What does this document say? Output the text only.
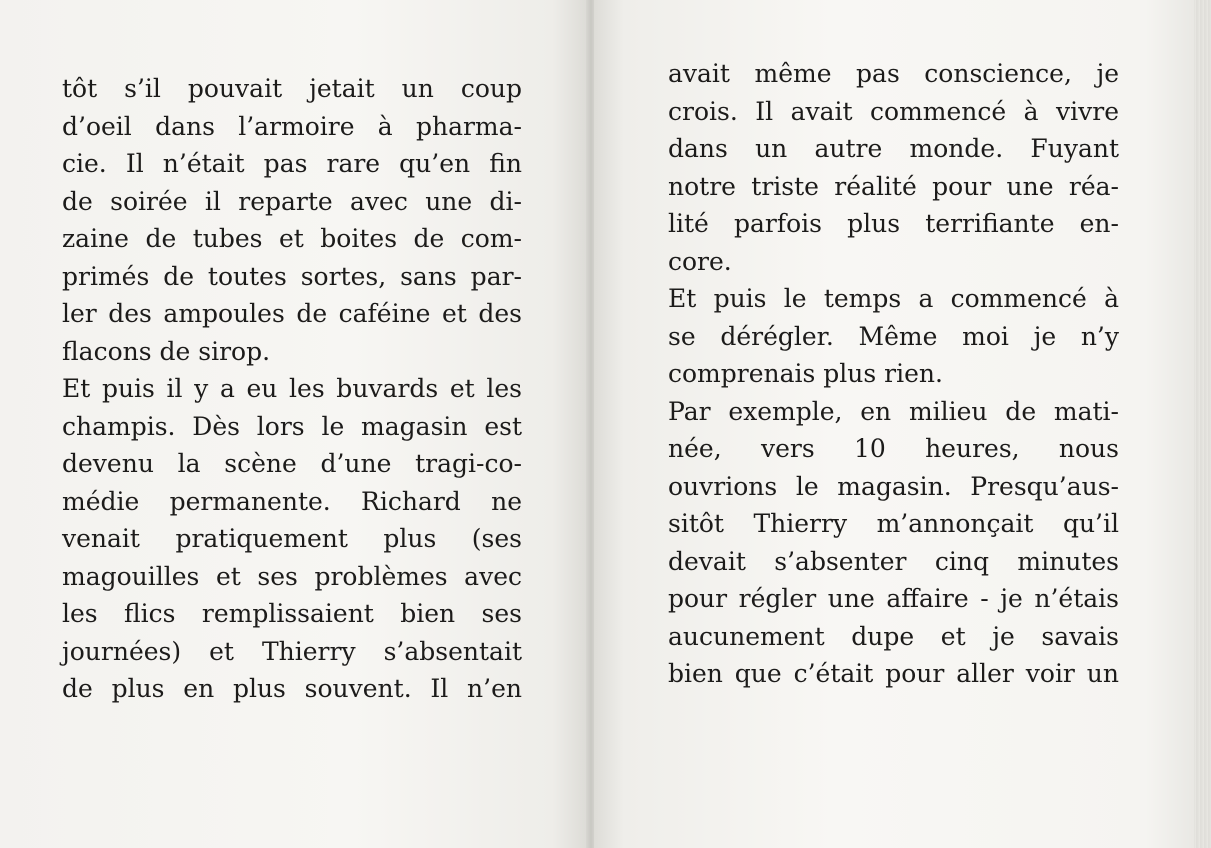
tôt s’il pouvait jetait un coup
d’oeil dans l’armoire à pharma-
cie. Il n’était pas rare qu’en fin
de soirée il reparte avec une di-
zaine de tubes et boites de com-
primés de toutes sortes, sans par-
ler des ampoules de caféine et des
flacons de sirop.
Et puis il y a eu les buvards et les
champis. Dès lors le magasin est
devenu la scène d’une tragi-co-
médie permanente. Richard ne
venait pratiquement plus (ses
magouilles et ses problèmes avec
les flics remplissaient bien ses
journées) et Thierry s’absentait
de plus en plus souvent. Il n’en
avait même pas conscience, je
crois. Il avait commencé à vivre
dans un autre monde. Fuyant
notre triste réalité pour une réa-
lité parfois plus terrifiante en-
core.
Et puis le temps a commencé à
se dérégler. Même moi je n’y
comprenais plus rien.
Par exemple, en milieu de mati-
née, vers 10 heures, nous
ouvrions le magasin. Presqu’aus-
sitôt Thierry m’annonçait qu’il
devait s’absenter cinq minutes
pour régler une affaire - je n’étais
aucunement dupe et je savais
bien que c’était pour aller voir un
